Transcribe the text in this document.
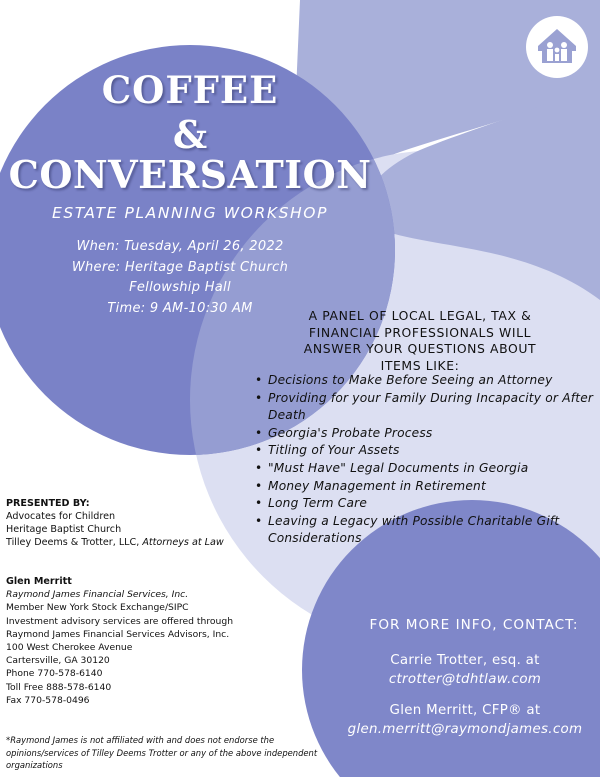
COFFEE
&
CONVERSATION
ESTATE PLANNING WORKSHOP
When: Tuesday, April 26, 2022
Where: Heritage Baptist Church
Fellowship Hall
Time: 9 AM-10:30 AM	A PANEL OF LOCAL LEGAL, TAX &
FINANCIAL PROFESSIONALS WILL
ANSWER YOUR QUESTIONS ABOUT
ITEMS LIKE:
• Decisions to Make Before Seeing an Attorney
• Providing for your Family During Incapacity or After Death
• Georgia's Probate Process
• Titling of Your Assets
• "Must Have" Legal Documents in Georgia
• Money Management in Retirement
• Long Term Care
• Leaving a Legacy with Possible Charitable Gift Considerations
PRESENTED BY:
Advocates for Children
Heritage Baptist Church
Tilley Deems & Trotter, LLC, Attorneys at Law
Glen Merritt
Raymond James Financial Services, Inc.
Member New York Stock Exchange/SIPC
Investment advisory services are offered through
Raymond James Financial Services Advisors, Inc.
100 West Cherokee Avenue
Cartersville, GA 30120
Phone 770-578-6140
Toll Free 888-578-6140
Fax 770-578-0496
*Raymond James is not affiliated with and does not endorse the opinions/services of Tilley Deems Trotter or any of the above independent organizations
FOR MORE INFO, CONTACT:
Carrie Trotter, esq. at
ctrotter@tdhtlaw.com
Glen Merritt, CFP® at
glen.merritt@raymondjames.com
